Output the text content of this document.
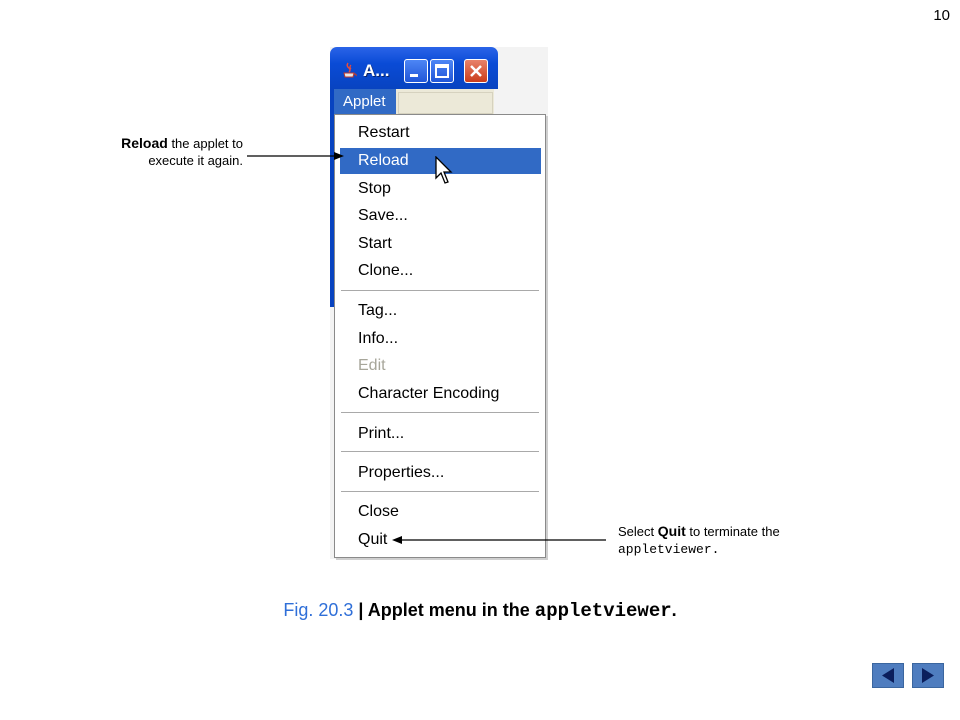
10
A...
Applet
Restart
Reload
Stop
Save...
Start
Clone...
Tag...
Info...
Edit
Character Encoding
Print...
Properties...
Close
Quit
Reload the applet to
execute it again.
Select Quit to terminate the
appletviewer.
Fig. 20.3 | Applet menu in the appletviewer.
